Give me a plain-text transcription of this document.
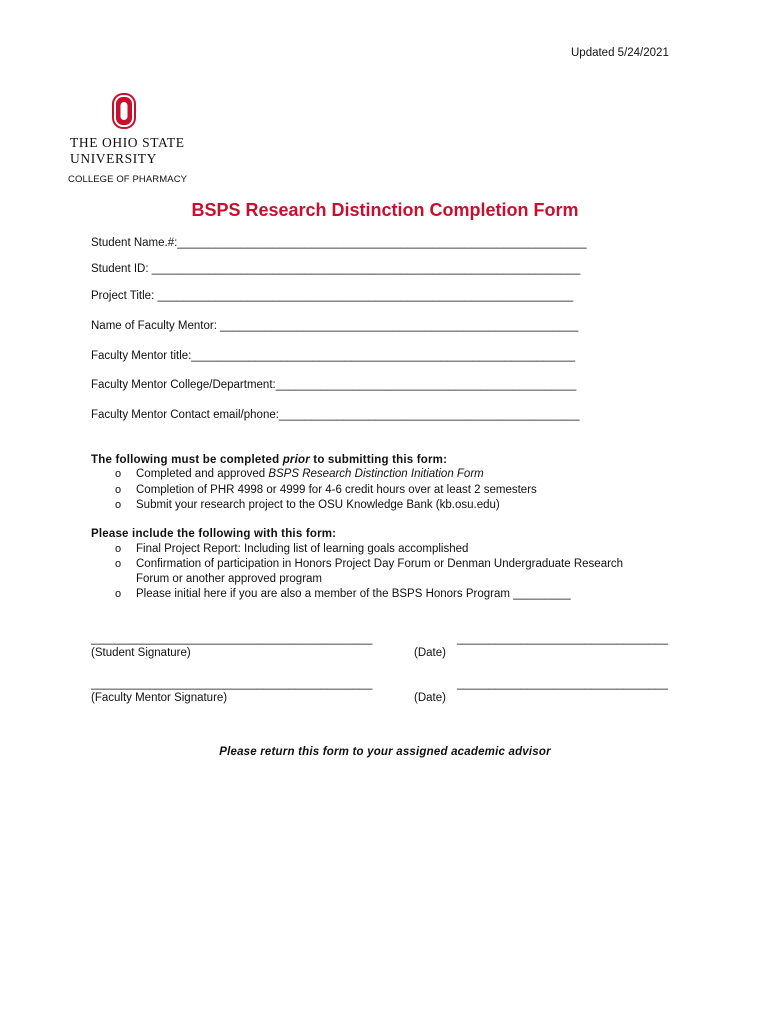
Updated 5/24/2021
THE OHIO STATE
UNIVERSITY
COLLEGE OF PHARMACY
BSPS Research Distinction Completion Form
Student Name.#:________________________________________________________________
Student ID: ___________________________________________________________________
Project Title: _________________________________________________________________
Name of Faculty Mentor: ________________________________________________________
Faculty Mentor title:____________________________________________________________
Faculty Mentor College/Department:_______________________________________________
Faculty Mentor Contact email/phone:_______________________________________________
The following must be completed prior to submitting this form:
o Completed and approved BSPS Research Distinction Initiation Form
o Completion of PHR 4998 or 4999 for 4-6 credit hours over at least 2 semesters
o Submit your research project to the OSU Knowledge Bank (kb.osu.edu)
Please include the following with this form:
o Final Project Report: Including list of learning goals accomplished
o Confirmation of participation in Honors Project Day Forum or Denman Undergraduate Research
Forum or another approved program
o Please initial here if you are also a member of the BSPS Honors Program _________
____________________________________________	_________________________________
(Student Signature)	(Date)
____________________________________________	_________________________________
(Faculty Mentor Signature)	(Date)
Please return this form to your assigned academic advisor
